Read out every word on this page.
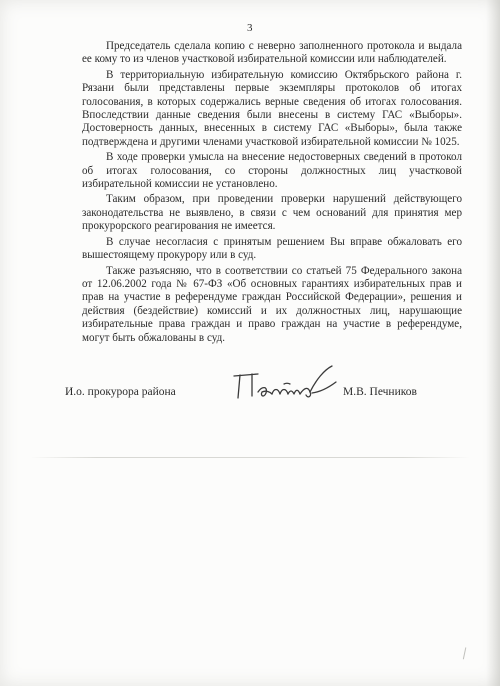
3

Председатель сделала копию с неверно заполненного протокола и выдала ее кому то из членов участковой избирательной комиссии или наблюдателей.

В территориальную избирательную комиссию Октябрьского района г. Рязани были представлены первые экземпляры протоколов об итогах голосования, в которых содержались верные сведения об итогах голосования. Впоследствии данные сведения были внесены в систему ГАС «Выборы». Достоверность данных, внесенных в систему ГАС «Выборы», была также подтверждена и другими членами участковой избирательной комиссии № 1025.

В ходе проверки умысла на внесение недостоверных сведений в протокол об итогах голосования, со стороны должностных лиц участковой избирательной комиссии не установлено.

Таким образом, при проведении проверки нарушений действующего законодательства не выявлено, в связи с чем оснований для принятия мер прокурорского реагирования не имеется.

В случае несогласия с принятым решением Вы вправе обжаловать его вышестоящему прокурору или в суд.

Также разъясняю, что в соответствии со статьей 75 Федерального закона от 12.06.2002 года № 67-ФЗ «Об основных гарантиях избирательных прав и прав на участие в референдуме граждан Российской Федерации», решения и действия (бездействие) комиссий и их должностных лиц, нарушающие избирательные права граждан и право граждан на участие в референдуме, могут быть обжалованы в суд.

И.о. прокурора района	М.В. Печников
